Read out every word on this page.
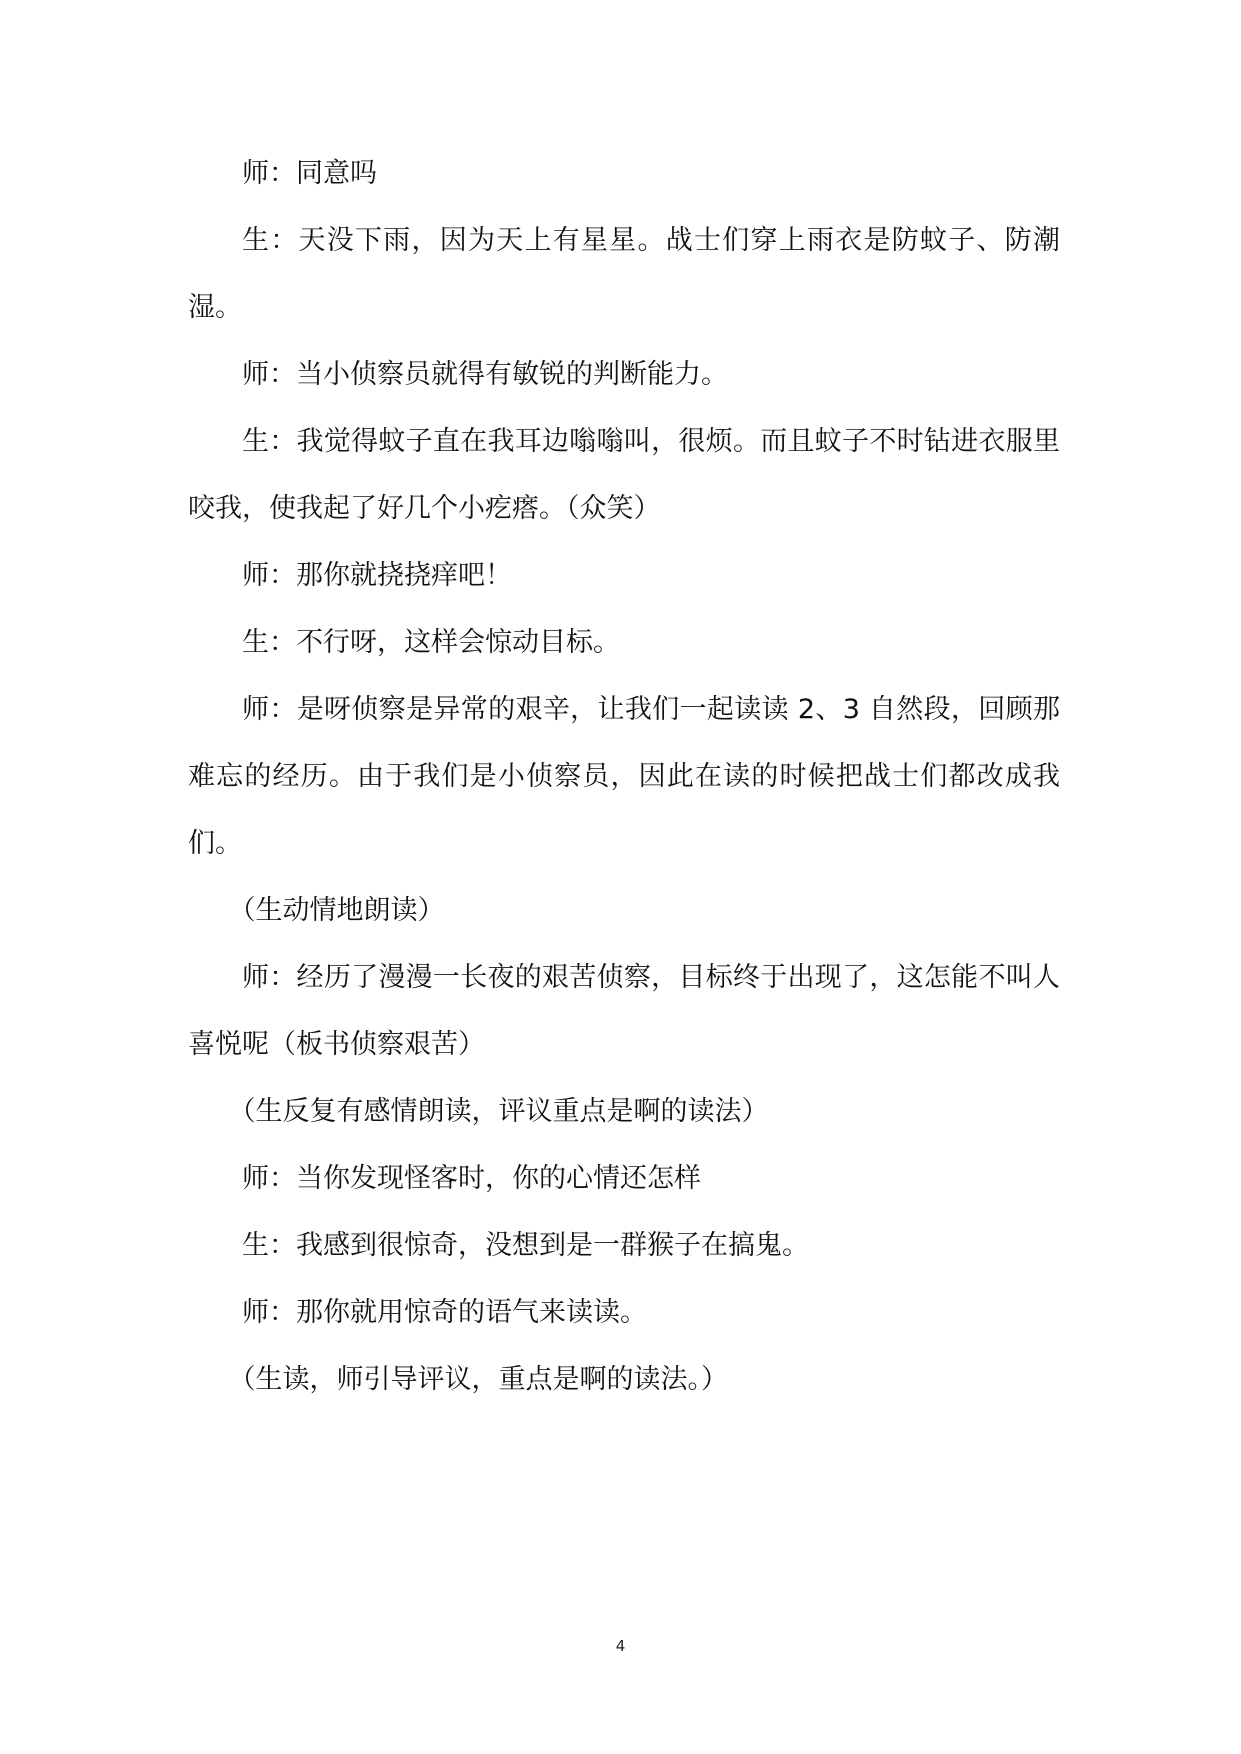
师：同意吗

生：天没下雨，因为天上有星星。战士们穿上雨衣是防蚊子、防潮湿。

师：当小侦察员就得有敏锐的判断能力。

生：我觉得蚊子直在我耳边嗡嗡叫，很烦。而且蚊子不时钻进衣服里咬我，使我起了好几个小疙瘩。（众笑）

师：那你就挠挠痒吧！

生：不行呀，这样会惊动目标。

师：是呀侦察是异常的艰辛，让我们一起读读 2、3 自然段，回顾那难忘的经历。由于我们是小侦察员，因此在读的时候把战士们都改成我们。

（生动情地朗读）

师：经历了漫漫一长夜的艰苦侦察，目标终于出现了，这怎能不叫人喜悦呢（板书侦察艰苦）

（生反复有感情朗读，评议重点是啊的读法）

师：当你发现怪客时，你的心情还怎样

生：我感到很惊奇，没想到是一群猴子在搞鬼。

师：那你就用惊奇的语气来读读。

（生读，师引导评议，重点是啊的读法。）

4
